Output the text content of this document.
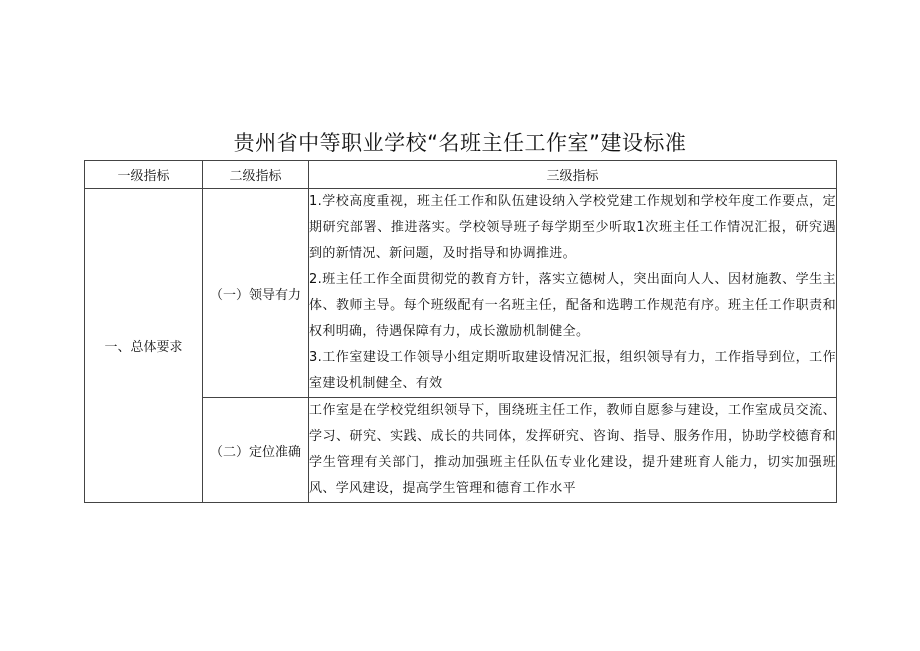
贵州省中等职业学校“名班主任工作室”建设标准
一级指标	二级指标	三级指标
一、总体要求	（一）领导有力	1.学校高度重视，班主任工作和队伍建设纳入学校党建工作规划和学校年度工作要点，定期研究部署、推进落实。学校领导班子每学期至少听取1次班主任工作情况汇报，研究遇到的新情况、新问题，及时指导和协调推进。

2.班主任工作全面贯彻党的教育方针，落实立德树人，突出面向人人、因材施教、学生主体、教师主导。每个班级配有一名班主任，配备和选聘工作规范有序。班主任工作职责和权利明确，待遇保障有力，成长激励机制健全。

3.工作室建设工作领导小组定期听取建设情况汇报，组织领导有力，工作指导到位，工作室建设机制健全、有效

	（二）定位准确	工作室是在学校党组织领导下，围绕班主任工作，教师自愿参与建设，工作室成员交流、学习、研究、实践、成长的共同体，发挥研究、咨询、指导、服务作用，协助学校德育和学生管理有关部门，推动加强班主任队伍专业化建设，提升建班育人能力，切实加强班风、学风建设，提高学生管理和德育工作水平
